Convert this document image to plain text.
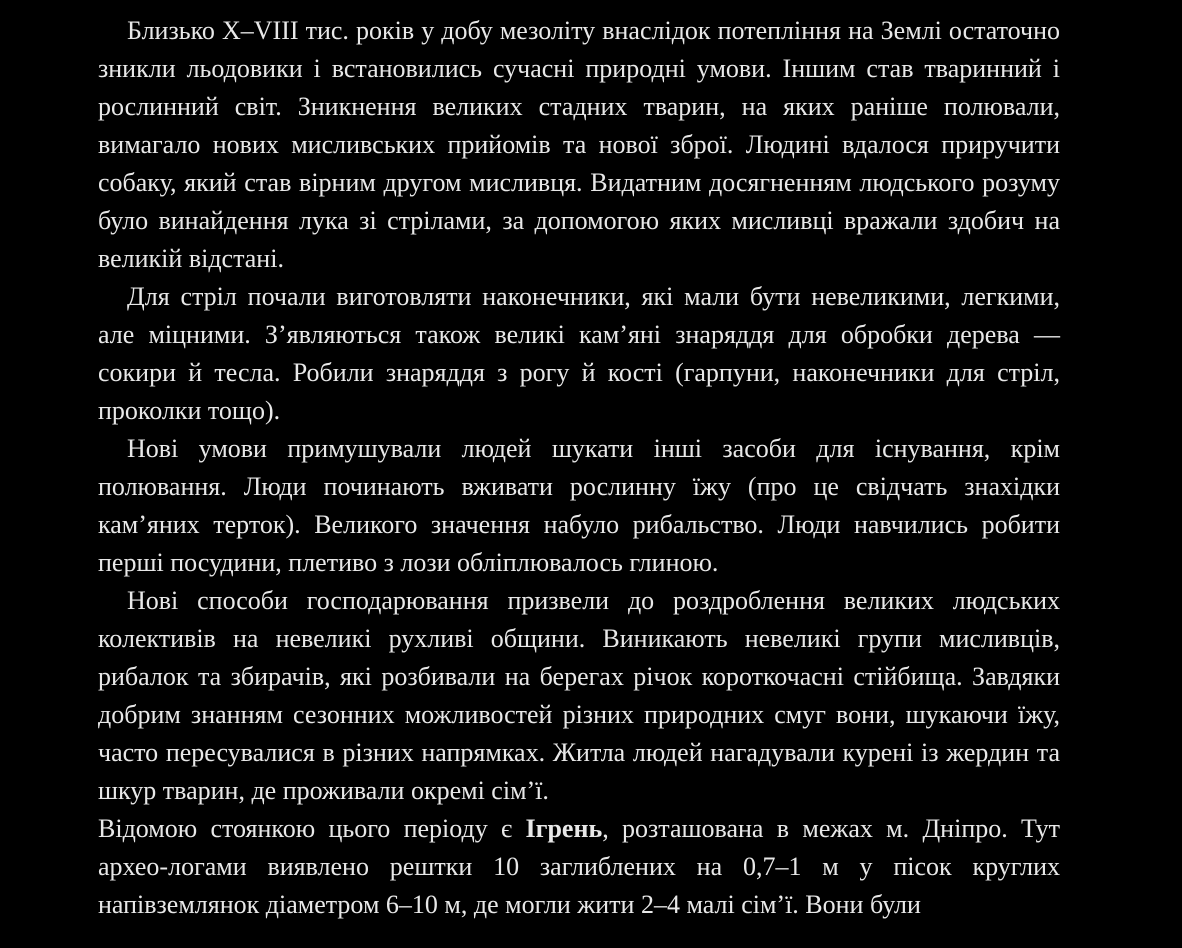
Близько X–VIII тис. років у добу мезоліту внаслідок потепління на Землі остаточно зникли льодовики і встановились сучасні природні умови. Іншим став тваринний і рослинний світ. Зникнення великих стадних тварин, на яких раніше полювали, вимагало нових мисливських прийомів та нової зброї. Людині вдалося приручити собаку, який став вірним другом мисливця. Видатним досягненням людського розуму було винайдення лука зі стрілами, за допомогою яких мисливці вражали здобич на великій відстані.

Для стріл почали виготовляти наконечники, які мали бути невеликими, легкими, але міцними. З’являються також великі кам’яні знаряддя для обробки дерева — сокири й тесла. Робили знаряддя з рогу й кості (гарпуни, наконечники для стріл, проколки тощо).

Нові умови примушували людей шукати інші засоби для існування, крім полювання. Люди починають вживати рослинну їжу (про це свідчать знахідки кам’яних терток). Великого значення набуло рибальство. Люди навчились робити перші посудини, плетиво з лози обліплювалось глиною.

Нові способи господарювання призвели до роздроблення великих людських колективів на невеликі рухливі общини. Виникають невеликі групи мисливців, рибалок та збирачів, які розбивали на берегах річок короткочасні стійбища. Завдяки добрим знанням сезонних можливостей різних природних смуг вони, шукаючи їжу, часто пересувалися в різних напрямках. Житла людей нагадували курені із жердин та шкур тварин, де проживали окремі сім’ї.

Відомою стоянкою цього періоду є Ігрень, розташована в межах м. Дніпро. Тут архео-логами виявлено рештки 10 заглиблених на 0,7–1 м у пісок круглих напівземлянок діаметром 6–10 м, де могли жити 2–4 малі сім’ї. Вони були
